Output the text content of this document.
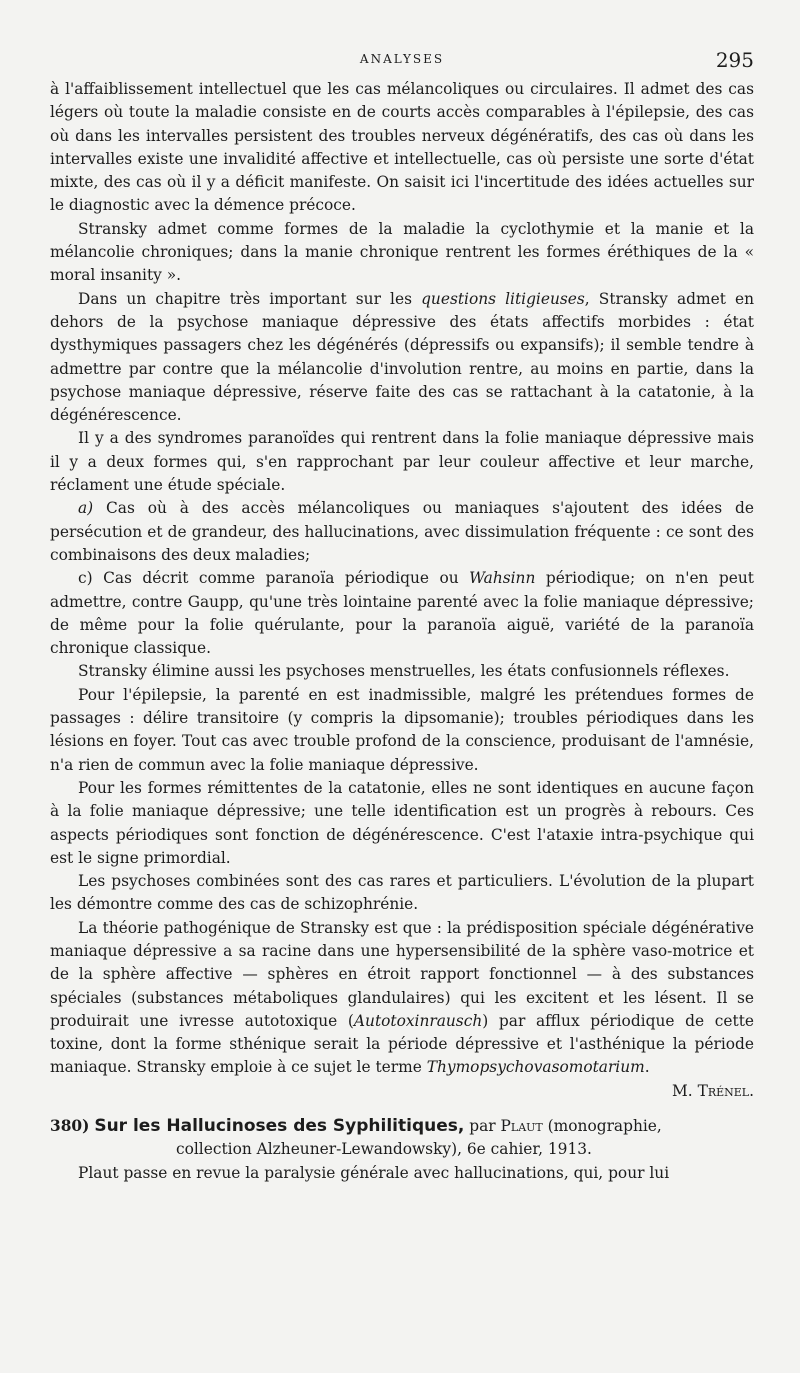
ANALYSES	295

à l'affaiblissement intellectuel que les cas mélancoliques ou circulaires. Il admet des cas légers où toute la maladie consiste en de courts accès comparables à l'épilepsie, des cas où dans les intervalles persistent des troubles nerveux dégénératifs, des cas où dans les intervalles existe une invalidité affective et intellectuelle, cas où persiste une sorte d'état mixte, des cas où il y a déficit manifeste. On saisit ici l'incertitude des idées actuelles sur le diagnostic avec la démence précoce.

Stransky admet comme formes de la maladie la cyclothymie et la manie et la mélancolie chroniques; dans la manie chronique rentrent les formes éréthiques de la « moral insanity ».

Dans un chapitre très important sur les questions litigieuses, Stransky admet en dehors de la psychose maniaque dépressive des états affectifs morbides : état dysthymiques passagers chez les dégénérés (dépressifs ou expansifs); il semble tendre à admettre par contre que la mélancolie d'involution rentre, au moins en partie, dans la psychose maniaque dépressive, réserve faite des cas se rattachant à la catatonie, à la dégénérescence.

Il y a des syndromes paranoïdes qui rentrent dans la folie maniaque dépressive mais il y a deux formes qui, s'en rapprochant par leur couleur affective et leur marche, réclament une étude spéciale.

a) Cas où à des accès mélancoliques ou maniaques s'ajoutent des idées de persécution et de grandeur, des hallucinations, avec dissimulation fréquente : ce sont des combinaisons des deux maladies;

c) Cas décrit comme paranoïa périodique ou Wahsinn périodique; on n'en peut admettre, contre Gaupp, qu'une très lointaine parenté avec la folie maniaque dépressive; de même pour la folie quérulante, pour la paranoïa aiguë, variété de la paranoïa chronique classique.

Stransky élimine aussi les psychoses menstruelles, les états confusionnels réflexes.

Pour l'épilepsie, la parenté en est inadmissible, malgré les prétendues formes de passages : délire transitoire (y compris la dipsomanie); troubles périodiques dans les lésions en foyer. Tout cas avec trouble profond de la conscience, produisant de l'amnésie, n'a rien de commun avec la folie maniaque dépressive.

Pour les formes rémittentes de la catatonie, elles ne sont identiques en aucune façon à la folie maniaque dépressive; une telle identification est un progrès à rebours. Ces aspects périodiques sont fonction de dégénérescence. C'est l'ataxie intra-psychique qui est le signe primordial.

Les psychoses combinées sont des cas rares et particuliers. L'évolution de la plupart les démontre comme des cas de schizophrénie.

La théorie pathogénique de Stransky est que : la prédisposition spéciale dégénérative maniaque dépressive a sa racine dans une hypersensibilité de la sphère vaso-motrice et de la sphère affective — sphères en étroit rapport fonctionnel — à des substances spéciales (substances métaboliques glandulaires) qui les excitent et les lésent. Il se produirait une ivresse autotoxique (Autotoxinrausch) par afflux périodique de cette toxine, dont la forme sthénique serait la période dépressive et l'asthénique la période maniaque. Stransky emploie à ce sujet le terme Thymopsychovasomotarium.

M. Trénel.
380) Sur les Hallucinoses des Syphilitiques, par Plaut (monographie,
collection Alzheuner-Lewandowsky), 6e cahier, 1913.

Plaut passe en revue la paralysie générale avec hallucinations, qui, pour lui
